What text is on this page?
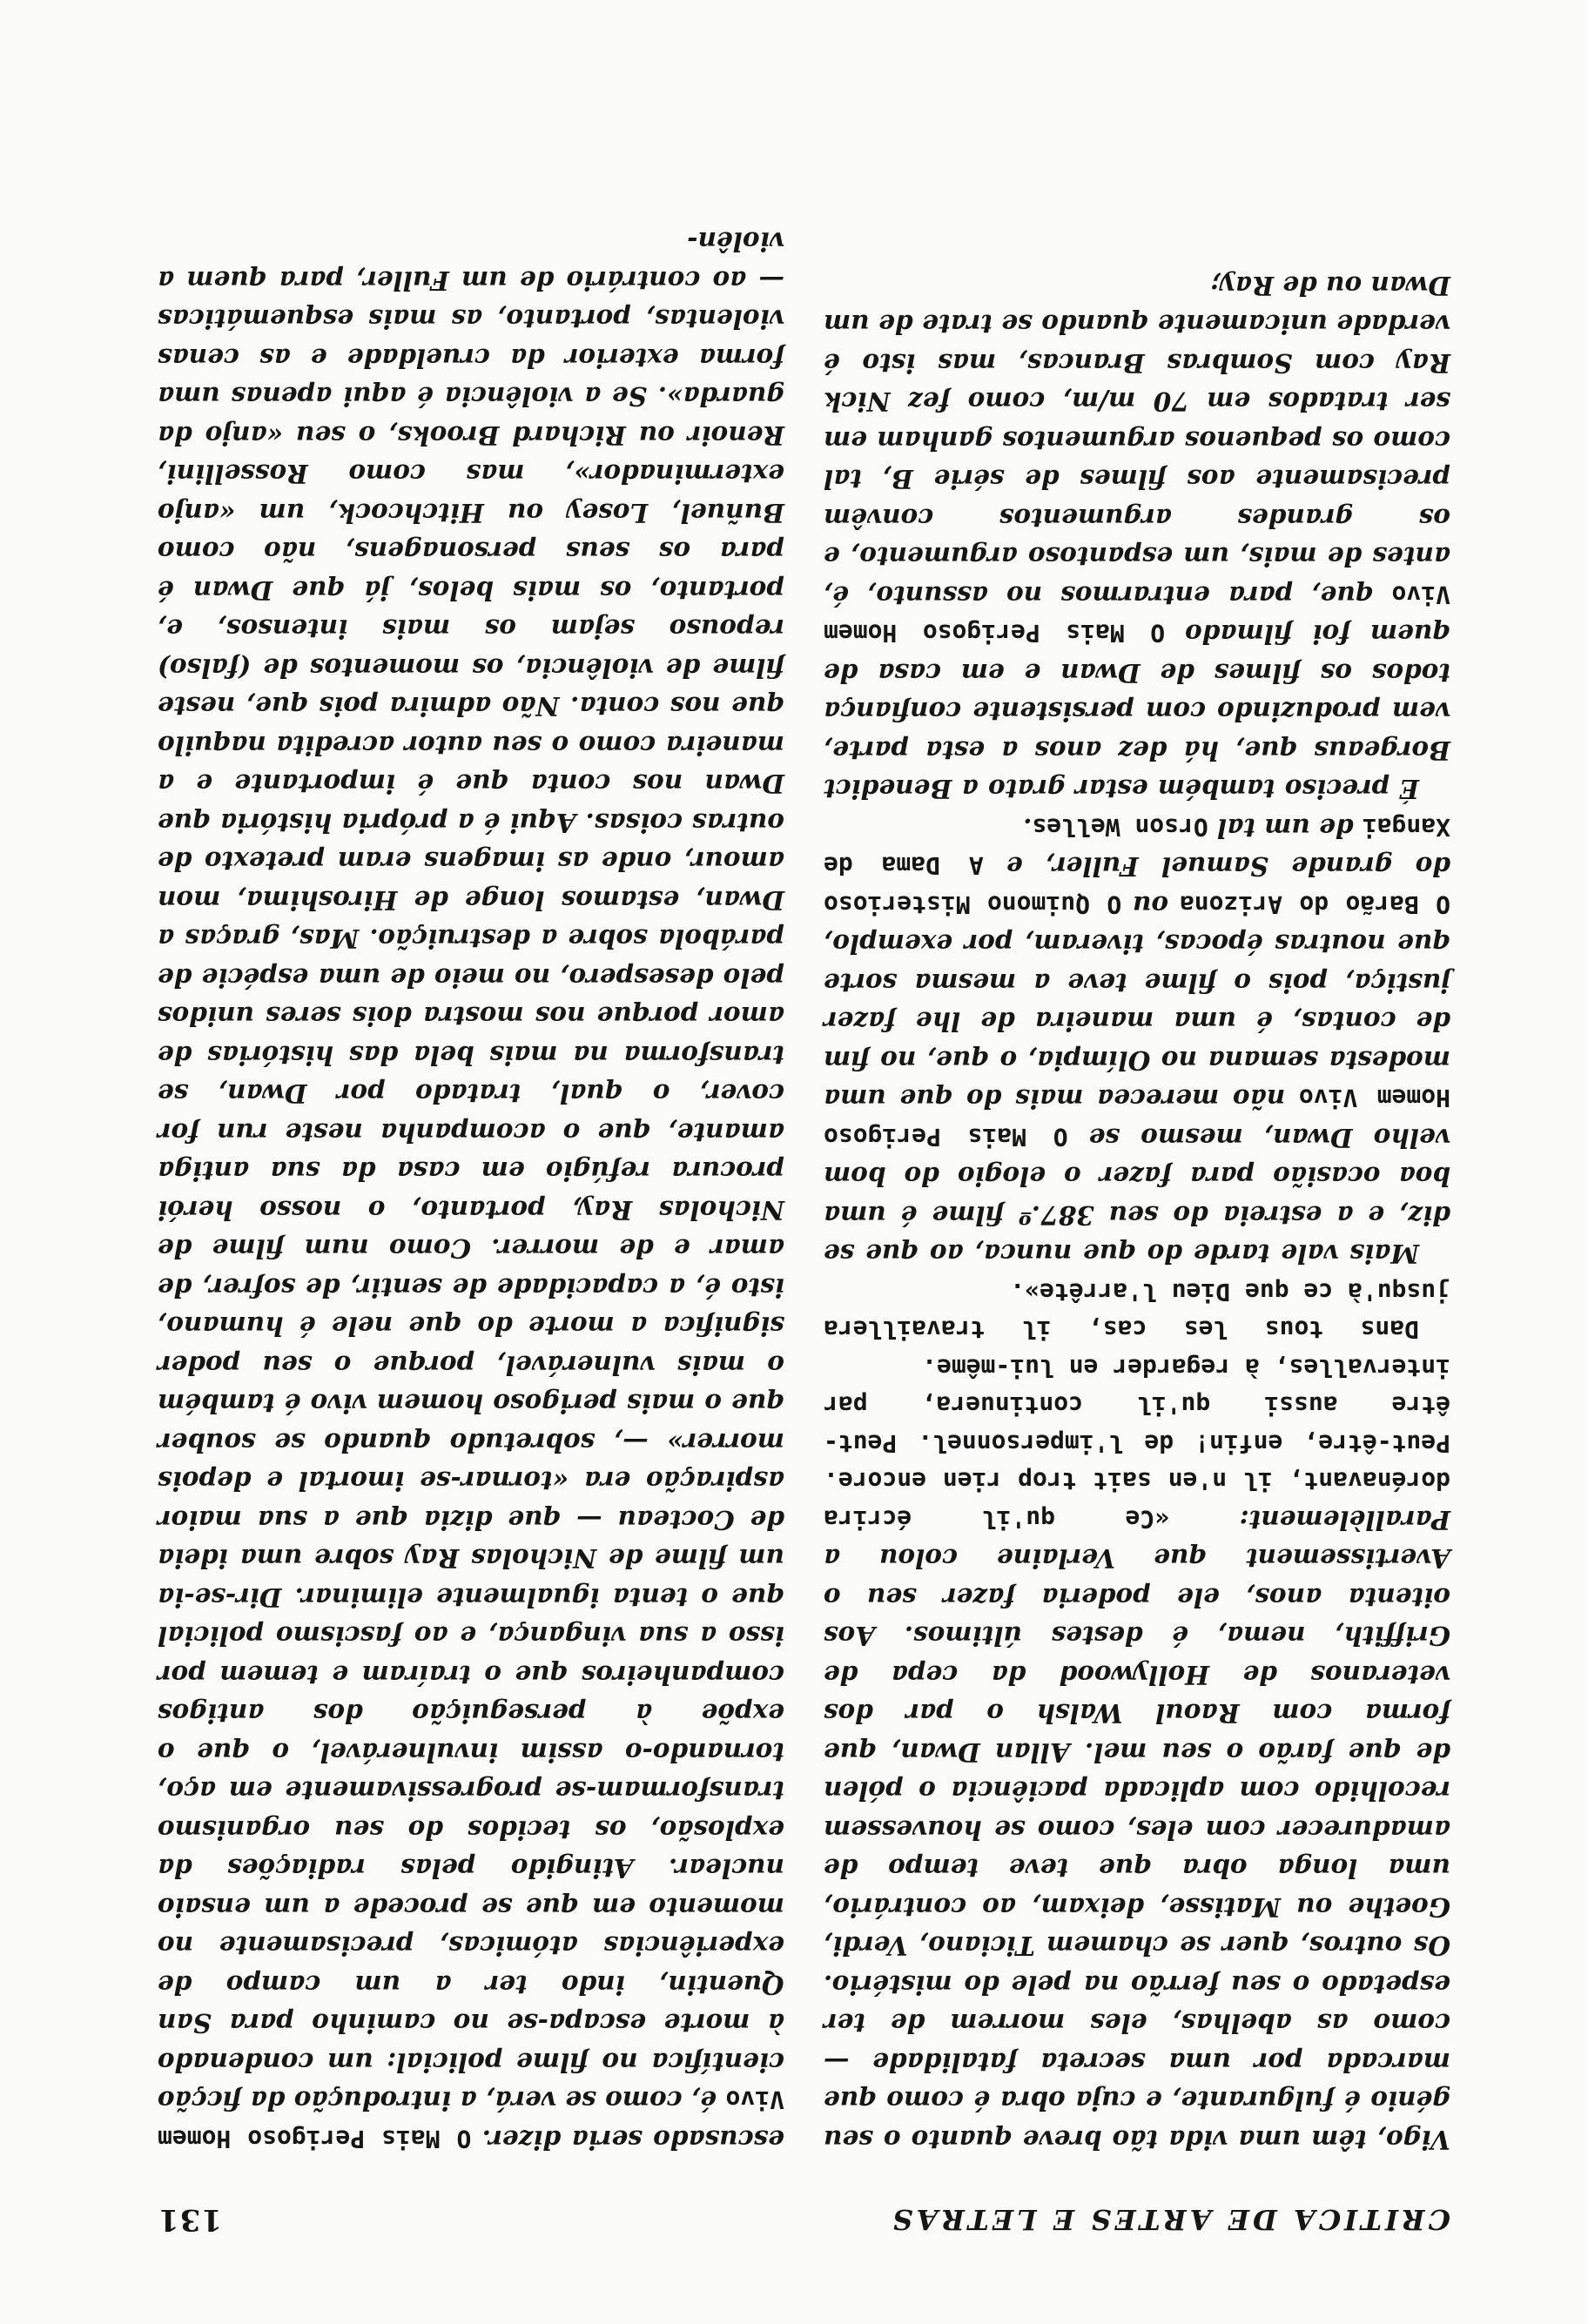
CRITICA DE ARTES E LETRAS
131

Vigo, têm uma vida tão breve quanto o seu génio é fulgurante, e cuja obra é como que marcada por uma secreta fatalidade — como as abelhas, eles morrem de ter espetado o seu ferrão na pele do mistério. Os outros, quer se chamem Ticiano, Verdi, Goethe ou Matisse, deixam, ao contrário, uma longa obra que teve tempo de amadurecer com eles, como se houvessem recolhido com aplicada paciência o pólen de que farão o seu mel. Allan Dwan, que forma com Raoul Walsh o par dos veteranos de Hollywood da cepa de Griffith, nema, é destes últimos. Aos oitenta anos, ele poderia fazer seu o Avertissement que Verlaine colou a Parallèlement: «Ce qu'il écrira dorénavant, il n'en sait trop rien encore. Peut-être, enfin! de l'impersonnel. Peut-être aussi qu'il continuera, par intervalles, à regarder en lui-même.

Dans tous les cas, il travaillera jusqu'à ce que Dieu l'arrête».

Mais vale tarde do que nunca, ao que se diz, e a estreia do seu 387.º filme é uma boa ocasião para fazer o elogio do bom velho Dwan, mesmo se O Mais Perigoso Homem Vivo não merecea mais do que uma modesta semana no Olímpia, o que, no fim de contas, é uma maneira de lhe fazer justiça, pois o filme teve a mesma sorte que noutras épocas, tiveram, por exemplo, O Barão do Arizona ou O Quimono Misterioso do grande Samuel Fuller, e A Dama de Xangai de um tal Orson Welles.

É preciso também estar grato a Benedict Borgeaus que, há dez anos a esta parte, vem produzindo com persistente confiança todos os filmes de Dwan e em casa de quem foi filmado O Mais Perigoso Homem Vivo que, para entrarmos no assunto, é, antes de mais, um espantoso argumento, e os grandes argumentos convêm precisamente aos filmes de série B, tal como os pequenos argumentos ganham em ser tratados em 70 m/m, como fez Nick Ray com Sombras Brancas, mas isto é verdade unicamente quando se trate de um Dwan ou de Ray;

escusado seria dizer. O Mais Perigoso Homem Vivo é, como se verá, a introdução da ficção científica no filme policial: um condenado à morte escapa-se no caminho para San Quentin, indo ter a um campo de experiências atómicas, precisamente no momento em que se procede a um ensaio nuclear. Atingido pelas radiações da explosão, os tecidos do seu organismo transformam-se progressivamente em aço, tornando-o assim invulnerável, o que o expõe à perseguição dos antigos companheiros que o traíram e temem por isso a sua vingança, e ao fascismo policial que o tenta igualmente eliminar. Dir-se-ia um filme de Nicholas Ray sobre uma ideia de Cocteau — que dizia que a sua maior aspiração era «tornar-se imortal e depois morrer» —, sobretudo quando se souber que o mais perigoso homem vivo é também o mais vulnerável, porque o seu poder significa a morte do que nele é humano, isto é, a capacidade de sentir, de sofrer, de amar e de morrer. Como num filme de Nicholas Ray, portanto, o nosso herói procura refúgio em casa da sua antiga amante, que o acompanha neste run for cover, o qual, tratado por Dwan, se transforma na mais bela das histórias de amor porque nos mostra dois seres unidos pelo desespero, no meio de uma espécie de parábola sobre a destruição. Mas, graças a Dwan, estamos longe de Hiroshima, mon amour, onde as imagens eram pretexto de outras coisas. Aqui é a própria história que Dwan nos conta que é importante e a maneira como o seu autor acredita naquilo que nos conta. Não admira pois que, neste filme de violência, os momentos de (falso) repouso sejam os mais intensos, e, portanto, os mais belos, já que Dwan é para os seus personagens, não como Buñuel, Losey ou Hitchcock, um «anjo exterminador», mas como Rossellini, Renoir ou Richard Brooks, o seu «anjo da guarda». Se a violência é aqui apenas uma forma exterior da crueldade e as cenas violentas, portanto, as mais esquemáticas — ao contrário de um Fuller, para quem a violên-
